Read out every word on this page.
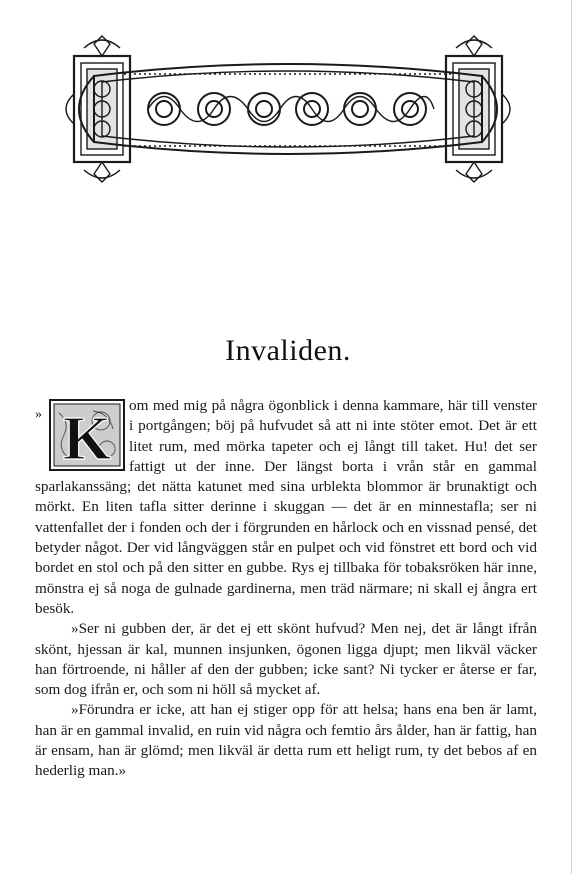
Invaliden.

» K om med mig på några ögonblick i denna kammare, här till venster i portgången; böj på hufvudet så att ni inte stöter emot. Det är ett litet rum, med mörka tapeter och ej långt till taket. Hu! det ser fattigt ut der inne. Der längst borta i vrån står en gammal sparlakanssäng; det nätta katunet med sina urblekta blommor är brunaktigt och mörkt. En liten tafla sitter derinne i skuggan — det är en minnestafla; ser ni vattenfallet der i fonden och der i förgrunden en hårlock och en vissnad pensé, det betyder något. Der vid långväggen står en pulpet och vid fönstret ett bord och vid bordet en stol och på den sitter en gubbe. Rys ej tillbaka för tobaksröken här inne, mönstra ej så noga de gulnade gardinerna, men träd närmare; ni skall ej ångra ert besök.

»Ser ni gubben der, är det ej ett skönt hufvud? Men nej, det är långt ifrån skönt, hjessan är kal, munnen insjunken, ögonen ligga djupt; men likväl väcker han förtroende, ni håller af den der gubben; icke sant? Ni tycker er återse er far, som dog ifrån er, och som ni höll så mycket af.

»Förundra er icke, att han ej stiger opp för att helsa; hans ena ben är lamt, han är en gammal invalid, en ruin vid några och femtio års ålder, han är fattig, han är ensam, han är glömd; men likväl är detta rum ett heligt rum, ty det bebos af en hederlig man.»
